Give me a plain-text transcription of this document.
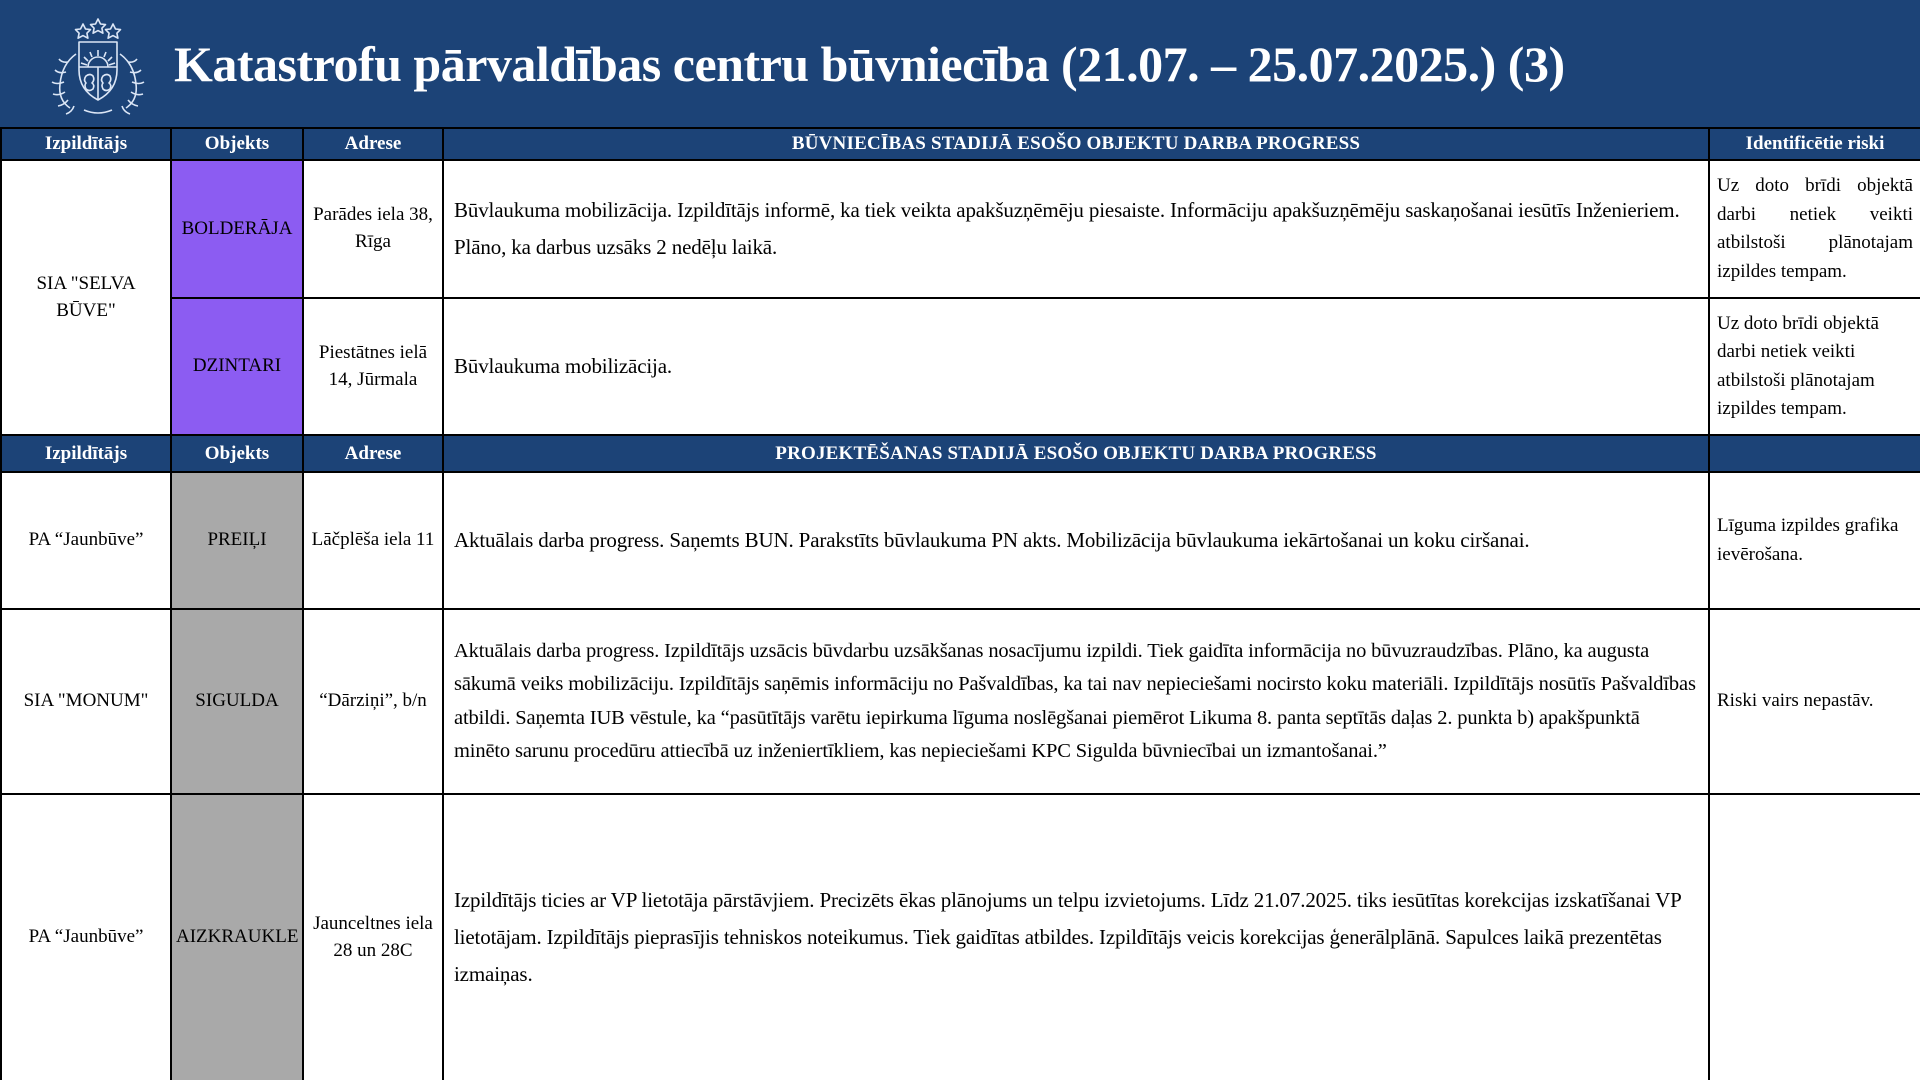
Katastrofu pārvaldības centru būvniecība (21.07. – 25.07.2025.) (3)
Izpildītājs	Objekts	Adrese	BŪVNIECĪBAS STADIJĀ ESOŠO OBJEKTU DARBA PROGRESS	Identificētie riski
SIA "SELVA BŪVE"	BOLDERĀJA	Parādes iela 38, Rīga	Būvlaukuma mobilizācija. Izpildītājs informē, ka tiek veikta apakšuzņēmēju piesaiste. Informāciju apakšuzņēmēju saskaņošanai iesūtīs Inženieriem. Plāno, ka darbus uzsāks 2 nedēļu laikā.	Uz doto brīdi objektā darbi netiek veikti atbilstoši plānotajam izpildes tempam.
	DZINTARI	Piestātnes ielā 14, Jūrmala	Būvlaukuma mobilizācija.	Uz doto brīdi objektā darbi netiek veikti atbilstoši plānotajam izpildes tempam.
Izpildītājs	Objekts	Adrese	PROJEKTĒŠANAS STADIJĀ ESOŠO OBJEKTU DARBA PROGRESS	
PA “Jaunbūve”	PREIĻI	Lāčplēša iela 11	Aktuālais darba progress. Saņemts BUN. Parakstīts būvlaukuma PN akts. Mobilizācija būvlaukuma iekārtošanai un koku ciršanai.	Līguma izpildes grafika ievērošana.
SIA "MONUM"	SIGULDA	“Dārziņi”, b/n	Aktuālais darba progress. Izpildītājs uzsācis būvdarbu uzsākšanas nosacījumu izpildi. Tiek gaidīta informācija no būvuzraudzības. Plāno, ka augusta sākumā veiks mobilizāciju. Izpildītājs saņēmis informāciju no Pašvaldības, ka tai nav nepieciešami nocirsto koku materiāli. Izpildītājs nosūtīs Pašvaldības atbildi. Saņemta IUB vēstule, ka “pasūtītājs varētu iepirkuma līguma noslēgšanai piemērot Likuma 8. panta septītās daļas 2. punkta b) apakšpunktā minēto sarunu procedūru attiecībā uz inženiertīkliem, kas nepieciešami KPC Sigulda būvniecībai un izmantošanai.”	Riski vairs nepastāv.
PA “Jaunbūve”	AIZKRAUKLE	Jaunceltnes iela 28 un 28C	Izpildītājs ticies ar VP lietotāja pārstāvjiem. Precizēts ēkas plānojums un telpu izvietojums. Līdz 21.07.2025. tiks iesūtītas korekcijas izskatīšanai VP lietotājam. Izpildītājs pieprasījis tehniskos noteikumus. Tiek gaidītas atbildes. Izpildītājs veicis korekcijas ģenerālplānā. Sapulces laikā prezentētas izmaiņas.	
